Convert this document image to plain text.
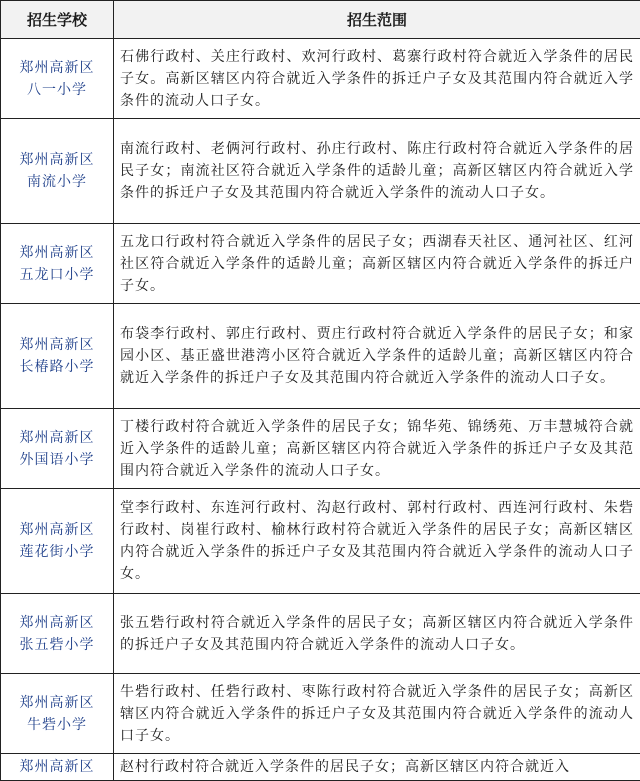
招生学校	招生范围

郑州高新区
八一小学	石佛行政村、关庄行政村、欢河行政村、葛寨行政村符合就近入学条件的居民子女。高新区辖区内符合就近入学条件的拆迁户子女及其范围内符合就近入学条件的流动人口子女。

郑州高新区
南流小学	南流行政村、老俩河行政村、孙庄行政村、陈庄行政村符合就近入学条件的居民子女；南流社区符合就近入学条件的适龄儿童；高新区辖区内符合就近入学条件的拆迁户子女及其范围内符合就近入学条件的流动人口子女。

郑州高新区
五龙口小学	五龙口行政村符合就近入学条件的居民子女；西湖春天社区、通河社区、红河社区符合就近入学条件的适龄儿童；高新区辖区内符合就近入学条件的拆迁户子女。

郑州高新区
长椿路小学	布袋李行政村、郭庄行政村、贾庄行政村符合就近入学条件的居民子女；和家园小区、基正盛世港湾小区符合就近入学条件的适龄儿童；高新区辖区内符合就近入学条件的拆迁户子女及其范围内符合就近入学条件的流动人口子女。

郑州高新区
外国语小学	丁楼行政村符合就近入学条件的居民子女；锦华苑、锦绣苑、万丰慧城符合就近入学条件的适龄儿童；高新区辖区内符合就近入学条件的拆迁户子女及其范围内符合就近入学条件的流动人口子女。

郑州高新区
莲花街小学	堂李行政村、东连河行政村、沟赵行政村、郭村行政村、西连河行政村、朱砦行政村、岗崔行政村、榆林行政村符合就近入学条件的居民子女；高新区辖区内符合就近入学条件的拆迁户子女及其范围内符合就近入学条件的流动人口子女。

郑州高新区
张五砦小学	张五砦行政村符合就近入学条件的居民子女；高新区辖区内符合就近入学条件的拆迁户子女及其范围内符合就近入学条件的流动人口子女。

郑州高新区
牛砦小学	牛砦行政村、任砦行政村、枣陈行政村符合就近入学条件的居民子女；高新区辖区内符合就近入学条件的拆迁户子女及其范围内符合就近入学条件的流动人口子女。

郑州高新区	赵村行政村符合就近入学条件的居民子女；高新区辖区内符合就近入
